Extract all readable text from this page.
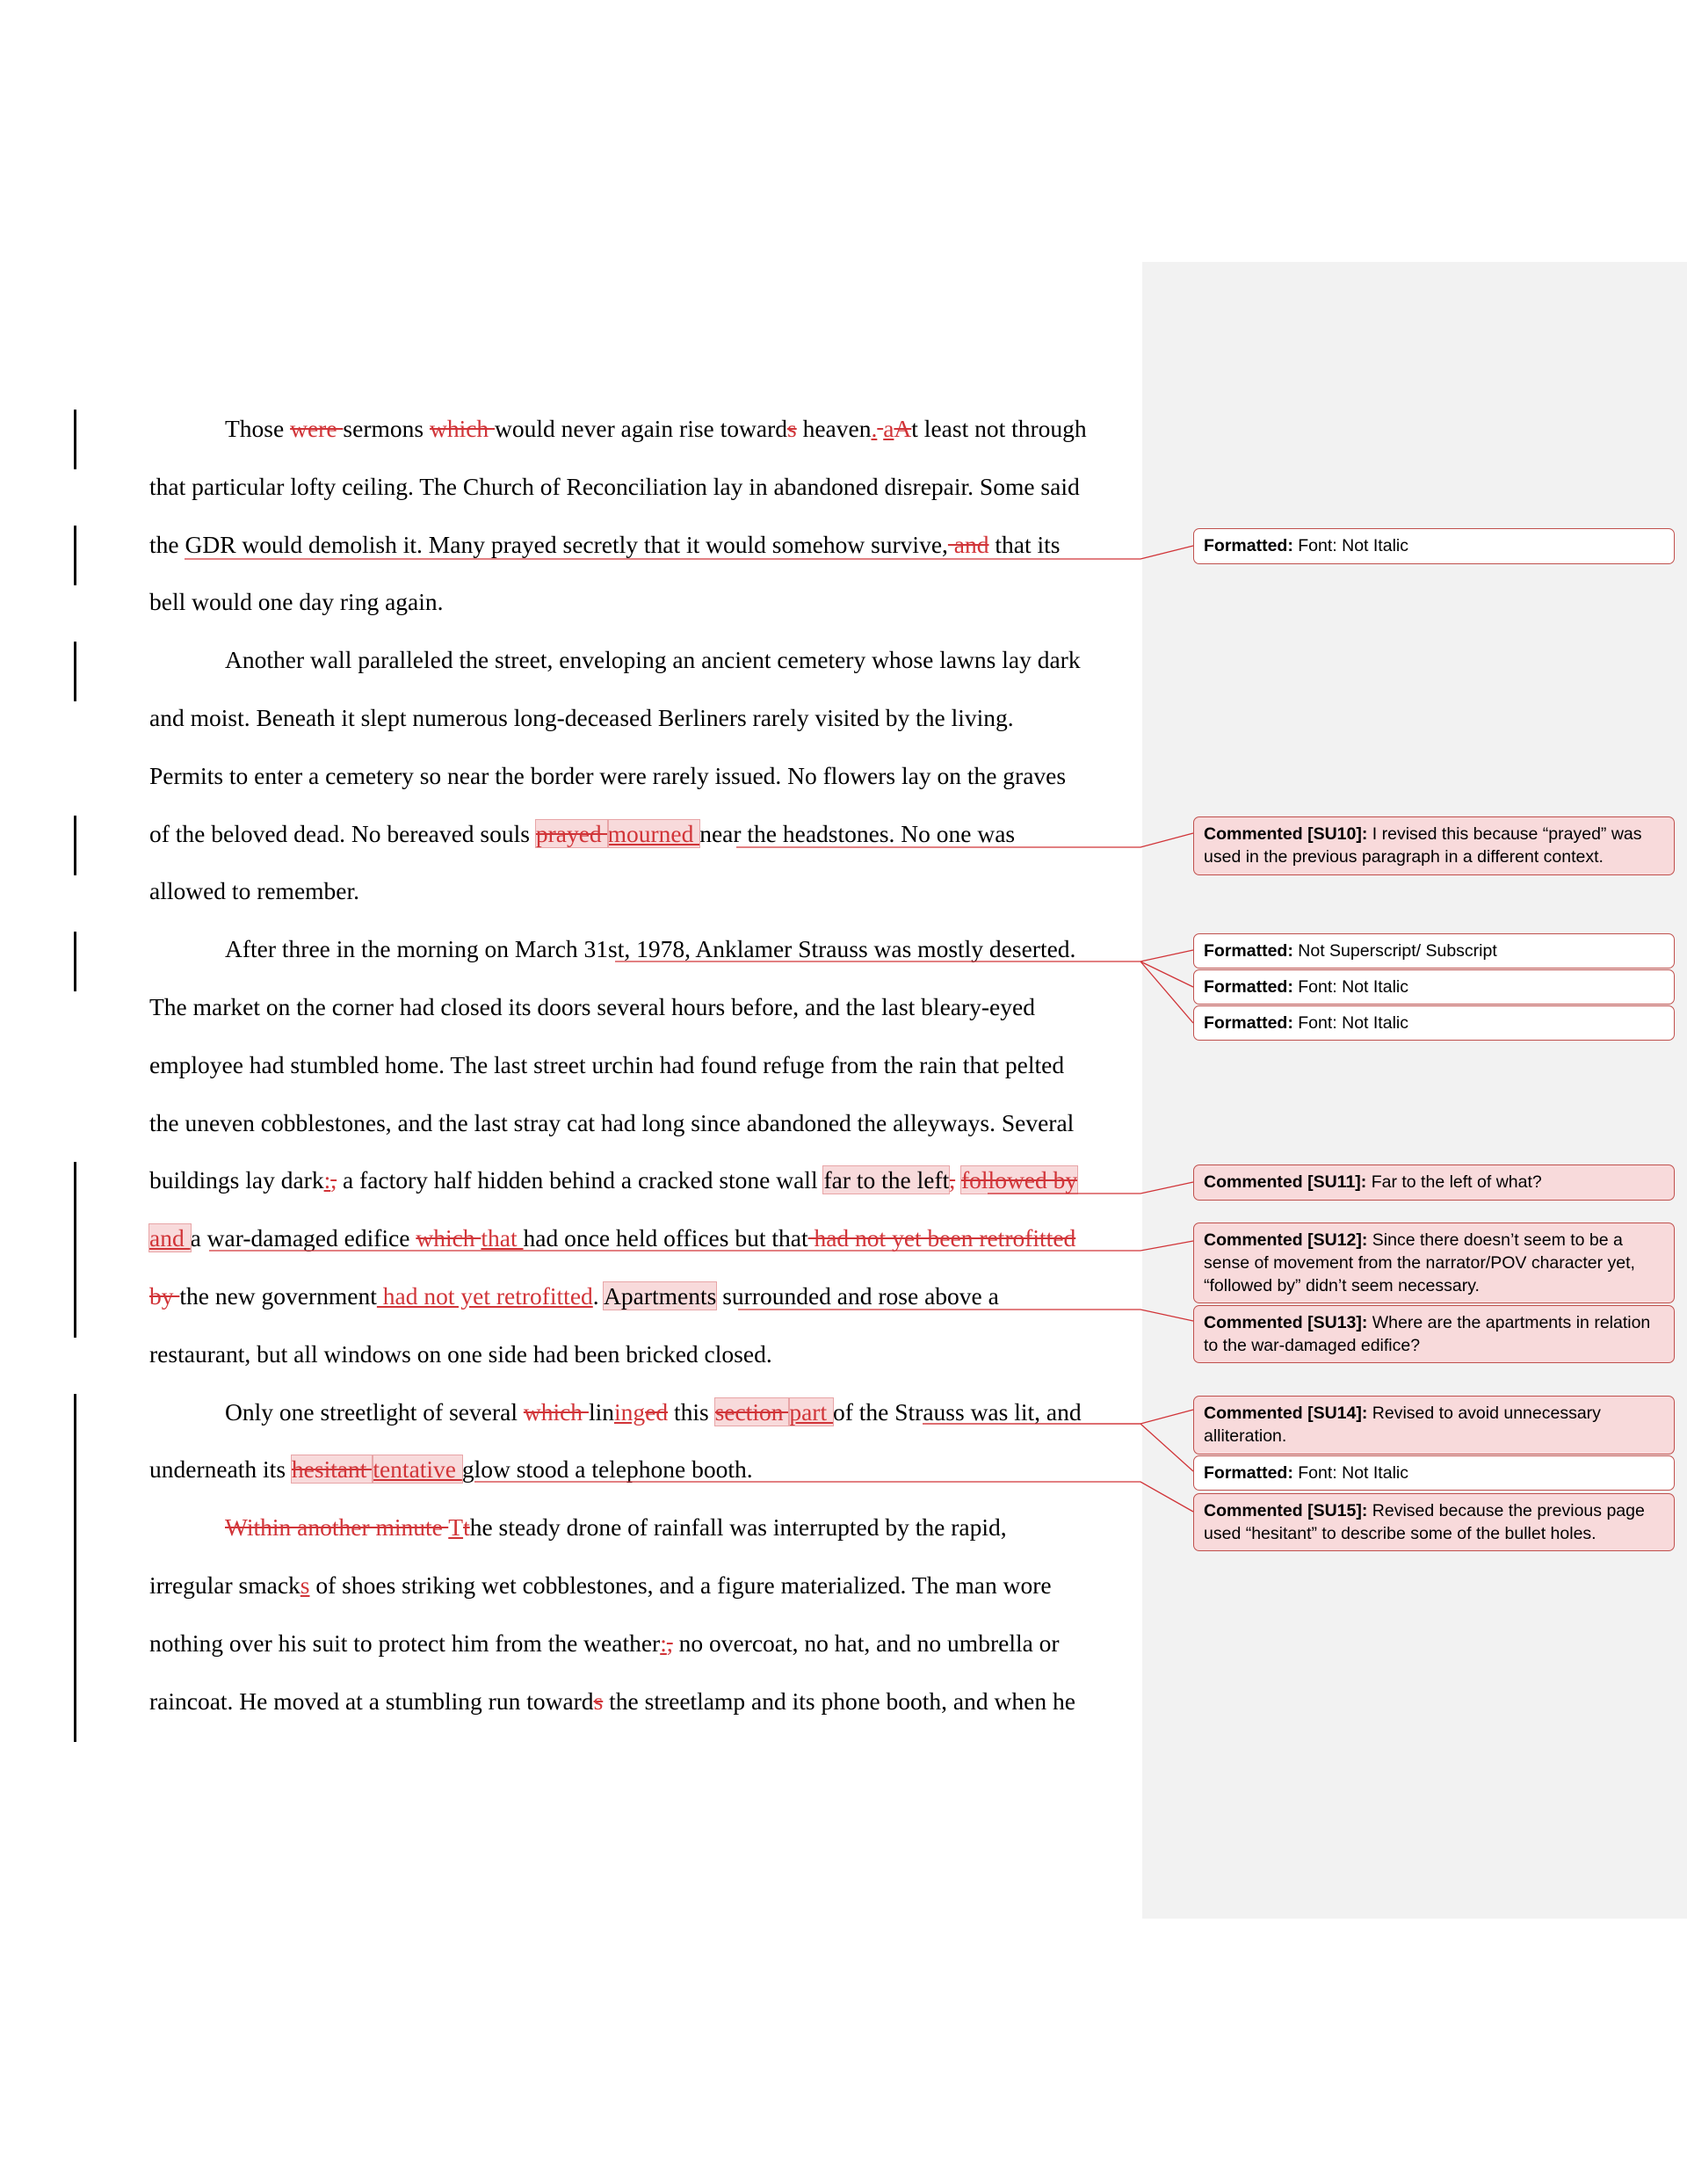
Those were sermons which would never again rise towards heaven. aAt least not through
that particular lofty ceiling. The Church of Reconciliation lay in abandoned disrepair. Some said
the GDR would demolish it. Many prayed secretly that it would somehow survive, and that its
bell would one day ring again.
Another wall paralleled the street, enveloping an ancient cemetery whose lawns lay dark
and moist. Beneath it slept numerous long-deceased Berliners rarely visited by the living.
Permits to enter a cemetery so near the border were rarely issued. No flowers lay on the graves
of the beloved dead. No bereaved souls prayed mourned near the headstones. No one was
allowed to remember.
After three in the morning on March 31st, 1978, Anklamer Strauss was mostly deserted.
The market on the corner had closed its doors several hours before, and the last bleary-eyed
employee had stumbled home. The last street urchin had found refuge from the rain that pelted
the uneven cobblestones, and the last stray cat had long since abandoned the alleyways. Several
buildings lay dark:, a factory half hidden behind a cracked stone wall far to the left, followed by
and a war-damaged edifice which that had once held offices but that had not yet been retrofitted
by the new government had not yet retrofitted. Apartments surrounded and rose above a
restaurant, but all windows on one side had been bricked closed.
Only one streetlight of several which lininged this section part of the Strauss was lit, and
underneath its hesitant tentative glow stood a telephone booth.
Within another minute Tthe steady drone of rainfall was interrupted by the rapid,
irregular smacks of shoes striking wet cobblestones, and a figure materialized. The man wore
nothing over his suit to protect him from the weather:, no overcoat, no hat, and no umbrella or
raincoat. He moved at a stumbling run towards the streetlamp and its phone booth, and when he
Formatted: Font: Not Italic
Commented [SU10]: I revised this because “prayed” was used in the previous paragraph in a different context.
Formatted: Not Superscript/ Subscript
Formatted: Font: Not Italic
Formatted: Font: Not Italic
Commented [SU11]: Far to the left of what?
Commented [SU12]: Since there doesn’t seem to be a sense of movement from the narrator/POV character yet, “followed by” didn’t seem necessary.
Commented [SU13]: Where are the apartments in relation to the war-damaged edifice?
Commented [SU14]: Revised to avoid unnecessary alliteration.
Formatted: Font: Not Italic
Commented [SU15]: Revised because the previous page used “hesitant” to describe some of the bullet holes.
